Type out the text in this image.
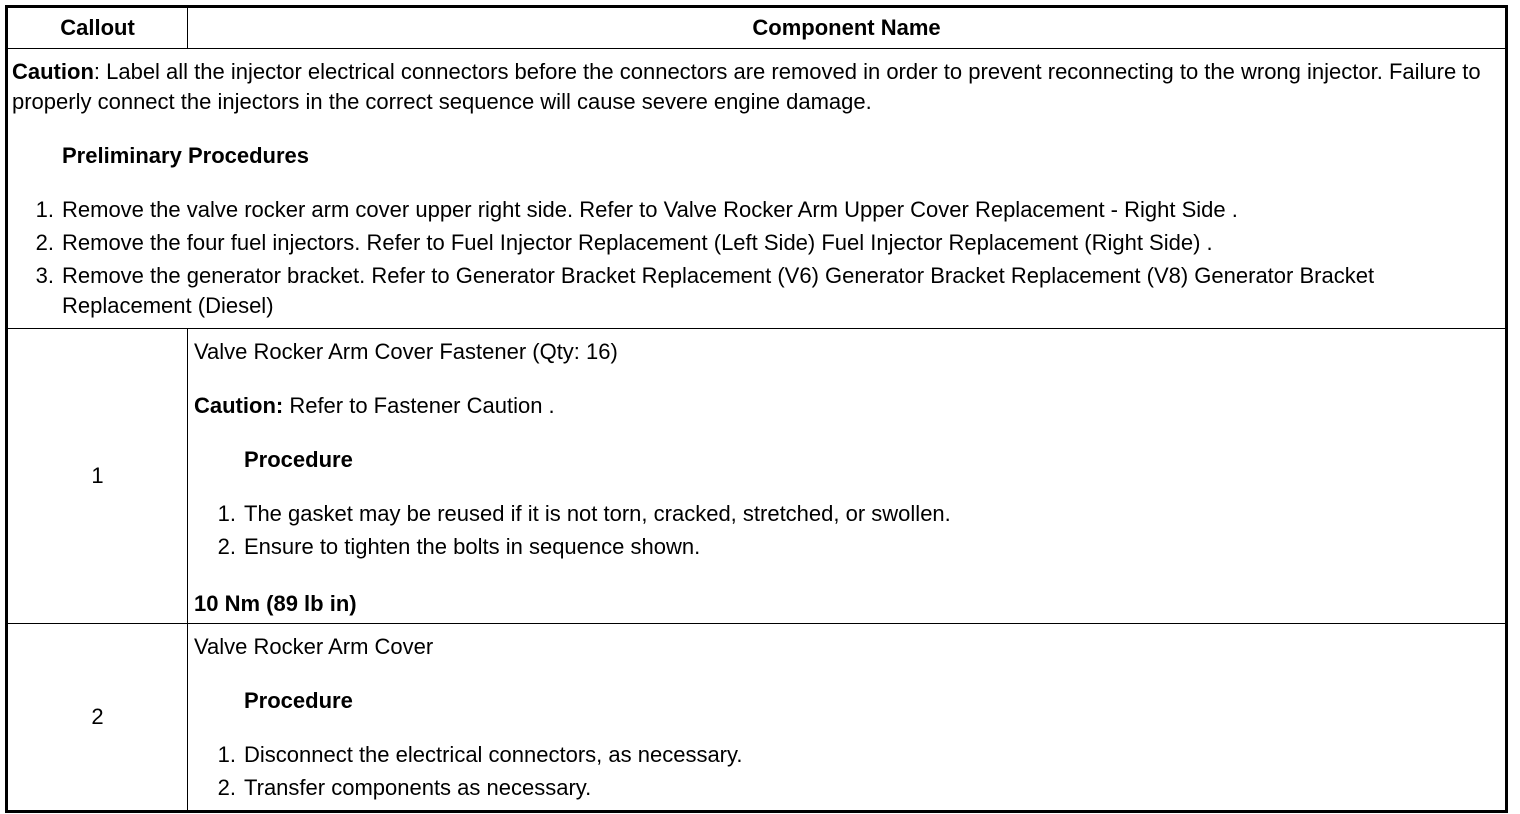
Callout	Component Name

Caution: Label all the injector electrical connectors before the connectors are removed in order to prevent reconnecting to the wrong injector. Failure to properly connect the injectors in the correct sequence will cause severe engine damage.

Preliminary Procedures
1. Remove the valve rocker arm cover upper right side. Refer to Valve Rocker Arm Upper Cover Replacement - Right Side .
2. Remove the four fuel injectors. Refer to Fuel Injector Replacement (Left Side) Fuel Injector Replacement (Right Side) .
3. Remove the generator bracket. Refer to Generator Bracket Replacement (V6) Generator Bracket Replacement (V8) Generator Bracket Replacement (Diesel)
1

Valve Rocker Arm Cover Fastener (Qty: 16)

Caution: Refer to Fastener Caution .

Procedure
1. The gasket may be reused if it is not torn, cracked, stretched, or swollen.
2. Ensure to tighten the bolts in sequence shown.

10 Nm (89 lb in)

2

Valve Rocker Arm Cover

Procedure
1. Disconnect the electrical connectors, as necessary.
2. Transfer components as necessary.
